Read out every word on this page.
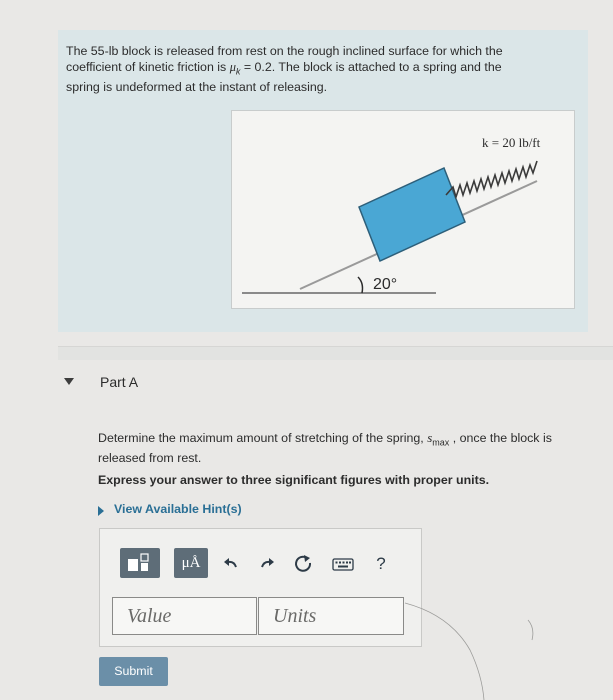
The 55-lb block is released from rest on the rough inclined surface for which the
coefficient of kinetic friction is $\mu_k = 0.2$. The block is attached to a spring and the
spring is undeformed at the instant of releasing.
k = 20 lb/ft
20°
Part A
Determine the maximum amount of stretching of the spring, $s_{max}$ , once the block is released from rest.
Express your answer to three significant figures with proper units.
View Available Hint(s)
μÅ	?
Value	Units
Submit
